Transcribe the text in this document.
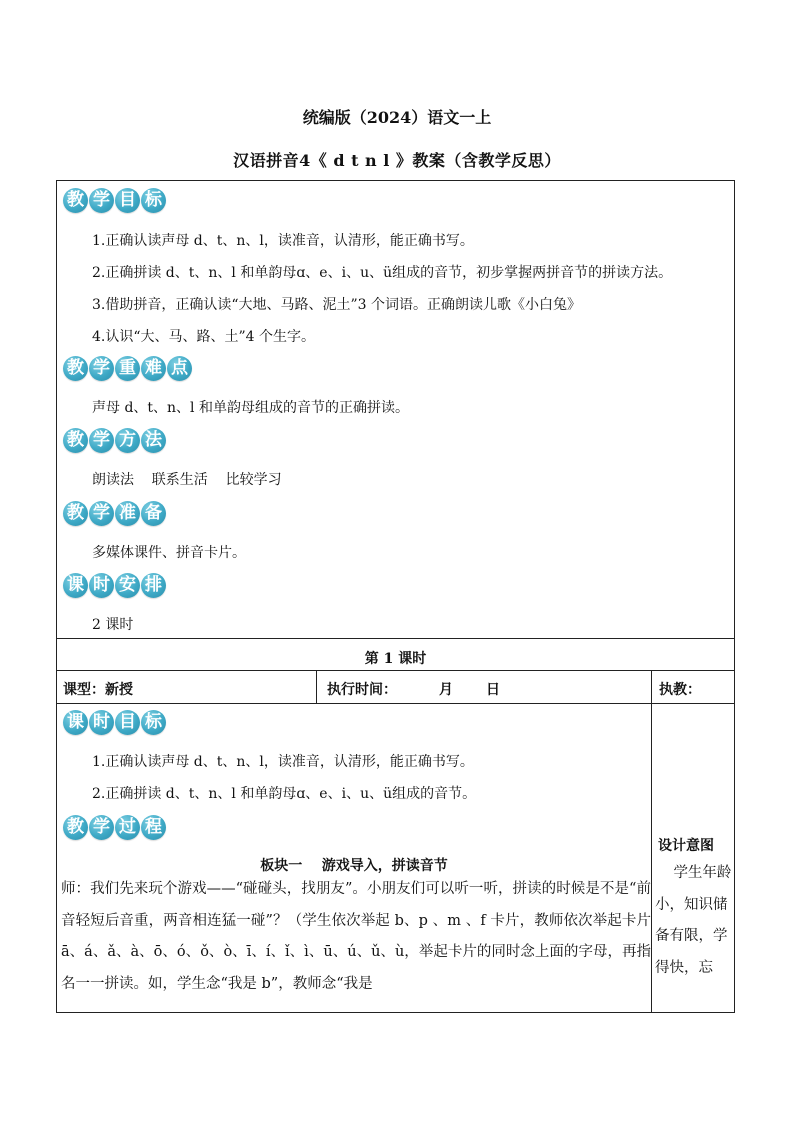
统编版（2024）语文一上
汉语拼音4《 d t n l 》教案（含教学反思）
教 学 目 标
1.正确认读声母 d、t、n、l，读准音，认清形，能正确书写。
2.正确拼读 d、t、n、l 和单韵母ɑ、e、i、u、ü组成的音节，初步掌握两拼音节的拼读方法。
3.借助拼音，正确认读“大地、马路、泥土”3 个词语。正确朗读儿歌《小白兔》
4.认识“大、马、路、土”4 个生字。
教 学 重 难 点
声母 d、t、n、l 和单韵母组成的音节的正确拼读。
教 学 方 法
朗读法    联系生活    比较学习
教 学 准 备
多媒体课件、拼音卡片。
课 时 安 排
2 课时
第 1 课时
课型：新授	执行时间：	月 日	执教：
课 时 目 标
1.正确认读声母 d、t、n、l，读准音，认清形，能正确书写。
2.正确拼读 d、t、n、l 和单韵母ɑ、e、i、u、ü组成的音节。
教 学 过 程
板块一    游戏导入，拼读音节
师：我们先来玩个游戏——“碰碰头，找朋友”。小朋友们可以听一听，拼读的时候是不是“前音轻短后音重，两音相连猛一碰”？（学生依次举起 b、p 、m 、f 卡片，教师依次举起卡片ā、á、ǎ、à、ō、ó、ǒ、ò、ī、í、ǐ、ì、ū、ú、ǔ、ù，举起卡片的同时念上面的字母，再指名一一拼读。如，学生念“我是 b”，教师念“我是
设计意图
学生年龄小，知识储备有限，学得快，忘
